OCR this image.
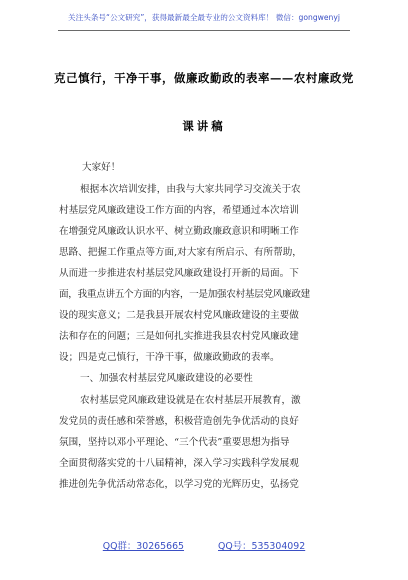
关注头条号“公文研究”，获得最新最全最专业的公文资料库！ 微信：gongwenyj
克己慎行，干净干事，做廉政勤政的表率——农村廉政党
课讲稿
大家好！
根据本次培训安排，由我与大家共同学习交流关于农
村基层党风廉政建设工作方面的内容，希望通过本次培训
在增强党风廉政认识水平、树立勤政廉政意识和明晰工作
思路、把握工作重点等方面,对大家有所启示、有所帮助，
从而进一步推进农村基层党风廉政建设打开新的局面。下
面，我重点讲五个方面的内容，一是加强农村基层党风廉政建
设的现实意义；二是我县开展农村党风廉政建设的主要做
法和存在的问题；三是如何扎实推进我县农村党风廉政建
设；四是克己慎行，干净干事，做廉政勤政的表率。
一、加强农村基层党风廉政建设的必要性
农村基层党风廉政建设就是在农村基层开展教育，激
发党员的责任感和荣誉感，积极营造创先争优活动的良好
氛围，坚持以邓小平理论、“三个代表”重要思想为指导
全面贯彻落实党的十八届精神，深入学习实践科学发展观
推进创先争优活动常态化，以学习党的光辉历史，弘扬党
QQ群：30265665	QQ号：535304092
